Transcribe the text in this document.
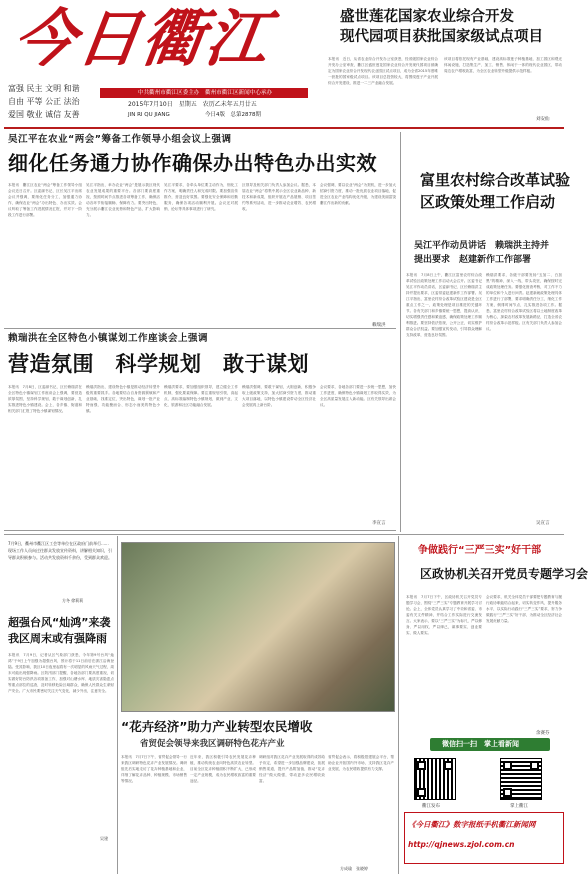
今日衢江
富强 民主 文明 和谐
自由 平等 公正 法治
爱国 敬业 诚信 友善
中共衢州市衢江区委主办　衢州市衢江区新闻中心承办
2015年7月10日　星期五　农历乙未年五月廿五
JIN RI QU JIANG	今日4版　总第2878期
盛世莲花国家农业综合开发
现代园项目获批国家级试点项目
本报讯　近日，从省农业综合开发办公室获悉，经省级国家农业综合开发办公室审查，衢江区盛世莲花国家农业综合开发现代园项目被确定为国家农业综合开发现代农业园区试点项目，成为全省2015年度唯一获批的国家级试点项目。该项目总投资较大，将围绕莲子产业开展综合开发建设，推进一二三产业融合发展。
该项目将依托现有产业基础，建设高标准莲子种植基地、加工园区和观光休闲设施，打造集生产、加工、销售、休闲于一体的现代农业园区，带动周边农户增收致富，为全区农业转型升级提供示范样板。
刘安仙
吴江平在农业“两会”筹备工作领导小组会议上强调
细化任务通力协作确保办出特色办出实效
本报讯　衢江区农业“两会”筹备工作领导小组会议近日召开。区委副书记、区长吴江平出席会议并强调，要细化任务分工，加强通力协作，确保农业“两会”办出特色、办出实效。会议听取了筹备工作进展情况汇报，并对下一阶段工作进行部署。
吴江平指出，举办农业“两会”是展示我区现代农业发展成果的重要平台。各部门要高度重视，按照时间节点推进各项筹备工作，确保活动各环节衔接顺畅、保障有力。要突出特色，充分展示衢江农业优势和特色产品，扩大影响力。
吴江平要求，各牵头单位要主动作为，细化工作方案，明确责任人和完成时限。要加强宣传推介，营造良好氛围。要强化安全保障和后勤服务，确保各项活动顺利开展。会议还对展销、论坛等具体事项进行了研究。
区领导及相关部门负责人参加会议。据悉，本届农业“两会”将集中展示全区农业新品种、新技术和新成果，组织开展农产品展销、项目签约等系列活动，进一步推动农业增效、农民增收。
会议强调，要以农业“两会”为契机，进一步加大招商引资力度，推动一批优质农业项目落地，促进全区农业产业结构优化升级，为建设美丽富饶衢江作出新的贡献。
赖瑞洪
赖瑞洪在全区特色小镇谋划工作座谈会上强调
营造氛围　科学规划　敢于谋划
本报讯　7月8日，区委副书记、区长赖瑞洪在全区特色小镇谋划工作座谈会上强调，要营造浓厚氛围，坚持科学规划，敢于谋划创新，扎实推进特色小镇建设。会上，各乡镇、街道和相关部门汇报了特色小镇谋划情况。
赖瑞洪指出，建设特色小镇是推动经济转型升级的重要抓手。各地要结合自身资源禀赋和产业基础，找准定位，突出特色，谋划一批产业特而强、功能聚而合、形态小而美的特色小镇。
赖瑞洪要求，要加强组织领导，建立健全工作机制，强化要素保障。要注重规划引领，高起点、高标准编制特色小镇规划，做到产业、文化、旅游和社区功能融合发展。
赖瑞洪强调，要敢于谋划，大胆创新，积极争取上级政策支持，加大招商引资力度，推动重大项目落地，以特色小镇建设带动全区经济社会发展再上新台阶。
会议要求，各地各部门要进一步统一思想，加快工作进度，确保特色小镇谋划工作取得实效，为全区高质量发展注入新动能。区有关领导出席会议。
李宣言
富里农村综合改革试验
区政策处理工作启动
吴江平作动员讲话　赖瑞洪主持并
提出要求　赵建新作工作部署
本报讯　7月8日上午，衢江区富里农村综合改革试验区政策处理工作启动大会召开。区委书记吴江平作动员讲话，区委副书记、区长赖瑞洪主持并提出要求，区委常委赵建新作工作部署。吴江平指出，富里农村综合改革试验区建设是全区重点工作之一，政策处理是项目推进的关键环节。各有关部门和乡镇要统一思想，提高认识，切实增强责任感和紧迫感，确保政策处理工作顺利推进。要坚持依法依规，公开公正，切实维护群众合法权益。要加强宣传发动，引导群众理解支持改革，营造良好氛围。
赖瑞洪要求，各级干部要发扬“五加二、白加黑”的精神，深入一线，带头攻坚，确保按时完成政策处理任务。要强化督查考核，对工作不力的单位和个人进行问责。赵建新就政策处理具体工作进行了部署，要求明确责任分工，细化工作方案，倒排时间节点，扎实推进各项工作。据悉，富里农村综合改革试验区将以土地制度改革为核心，探索农村改革发展新路径，打造全省农村综合改革示范样板。区有关部门负责人参加会议。
吴宣言
7月9日，衢州市衢江区工会等单位在区政府门前举行......
现场工作人员向过往群众发放宣传资料，讲解相关知识，引导群众积极参与。活动共发放资料千余份，受到群众欢迎。
方冬 徐莉莉
超强台风“灿鸿”来袭
我区周末或有强降雨
本报讯　7月9日，记者从区气象部门获悉，今年第9号台风“灿鸿”于9日上午加强为超强台风，预计将于11日前后在浙江沿海登陆。受其影响，我区10日夜里起将有一次明显的风雨天气过程，周末可能出现强降雨。区防汛部门提醒，各地各部门要高度重视，切实做好防台防汛各项准备工作，加强对山塘水库、地质灾害隐患点等重点部位的巡查，及时转移危险区域群众，确保人民群众生命财产安全。广大市民要密切关注天气变化，减少外出，注意安全。
吴建
“花卉经济”助力产业转型农民增收
省贸促会领导来我区调研特色花卉产业
本报讯　7月7日下午，省贸促会领导一行来我区调研特色花卉产业发展情况。调研组先后实地走访了花卉种植基地和企业，详细了解花卉品种、种植规模、市场销售等情况。
近年来，我区积极引导农民发展花卉种植，推动传统农业向特色高效农业转型。目前全区花卉种植面积不断扩大，已形成一定产业规模，成为农民增收致富的重要途径。
调研组对我区花卉产业发展取得的成效给予肯定，希望进一步加强品牌建设，拓展销售渠道，提升产品附加值，推动“花卉经济”做大做强，带动更多农民增收致富。
省贸促会表示，将积极搭建展会平台，帮助企业开拓国内外市场，支持我区花卉产业发展，为农民增收提供有力支撑。
方成瑜　张晓婷
争做践行“三严三实”好干部
区政协机关召开党员专题学习会
本报讯　7月7日下午，区政协机关召开党员专题学习会，围绕“三严三实”专题教育开展学习讨论。会上，全体党员认真学习了中央和省委、市委有关文件精神，并结合工作实际进行交流发言。大家表示，要以“三严三实”为标尺，严以修身、严以用权、严以律己，谋事要实、创业要实、做人要实。
会议要求，机关全体党员干部要把专题教育与履行政协职能结合起来，切实转变作风，提升服务水平，以实际行动践行“三严三实”要求，努力争做践行“三严三实”好干部，为推动全区经济社会发展贡献力量。
余赛芬
微信扫一扫　掌上看新闻
衢江发布	掌上衢江
《今日衢江》数字报纸手机衢江新闻网
http://qjnews.zjol.com.cn
